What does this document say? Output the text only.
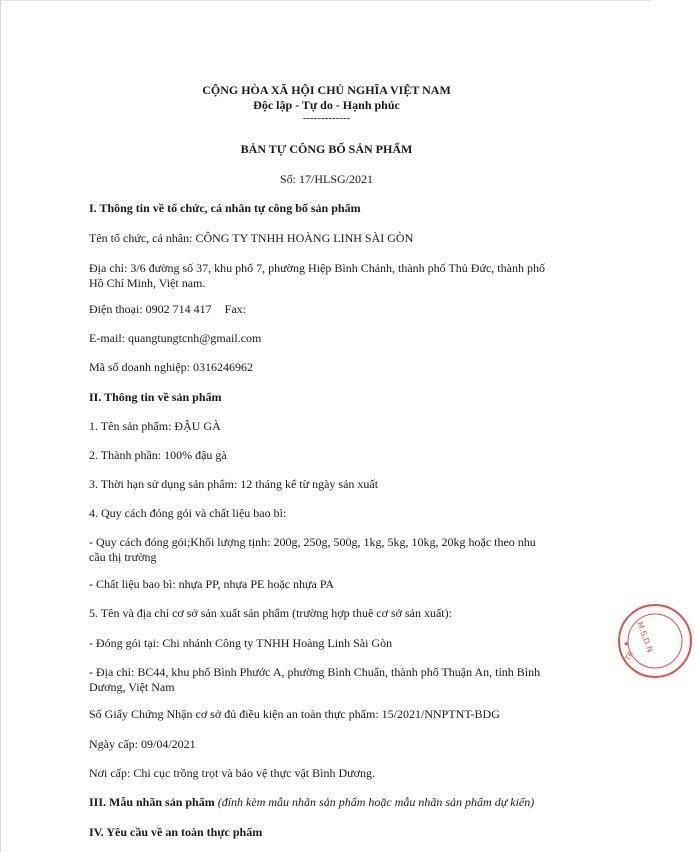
CỘNG HÒA XÃ HỘI CHỦ NGHĨA VIỆT NAM
Độc lập - Tự do - Hạnh phúc
-------------
BẢN TỰ CÔNG BỐ SẢN PHẨM
Số: 17/HLSG/2021
I. Thông tin về tổ chức, cá nhân tự công bố sản phẩm
Tên tổ chức, cá nhân: CÔNG TY TNHH HOÀNG LINH SÀI GÒN
Địa chỉ: 3/6 đường số 37, khu phố 7, phường Hiệp Bình Chánh, thành phố Thủ Đức, thành phố Hồ Chí Minh, Việt nam.
Điện thoại: 0902 714 417 Fax:
E-mail: quangtungtcnh@gmail.com
Mã số doanh nghiệp: 0316246962
II. Thông tin về sản phẩm
1. Tên sản phẩm: ĐẬU GÀ
2. Thành phần: 100% đậu gà
3. Thời hạn sử dụng sản phẩm: 12 tháng kể từ ngày sản xuất
4. Quy cách đóng gói và chất liệu bao bì:
- Quy cách đóng gói;Khối lượng tịnh: 200g, 250g, 500g, 1kg, 5kg, 10kg, 20kg hoặc theo nhu cầu thị trường
- Chất liệu bao bì: nhựa PP, nhựa PE hoặc nhựa PA
5. Tên và địa chỉ cơ sở sản xuất sản phẩm (trường hợp thuê cơ sở sản xuất):
- Đóng gói tại: Chi nhánh Công ty TNHH Hoàng Linh Sài Gòn
- Địa chỉ: BC44, khu phố Bình Phước A, phường Bình Chuẩn, thành phố Thuận An, tỉnh Bình Dương, Việt Nam
Số Giấy Chứng Nhận cơ sở đủ điều kiện an toàn thực phẩm: 15/2021/NNPTNT-BDG
Ngày cấp: 09/04/2021
Nơi cấp: Chi cục trồng trọt và bảo vệ thực vật Bình Dương.
III. Mẫu nhãn sản phẩm (đính kèm mẫu nhãn sản phẩm hoặc mẫu nhãn sản phẩm dự kiến)
IV. Yêu cầu về an toàn thực phẩm
M.S.D.N
TP.
★
